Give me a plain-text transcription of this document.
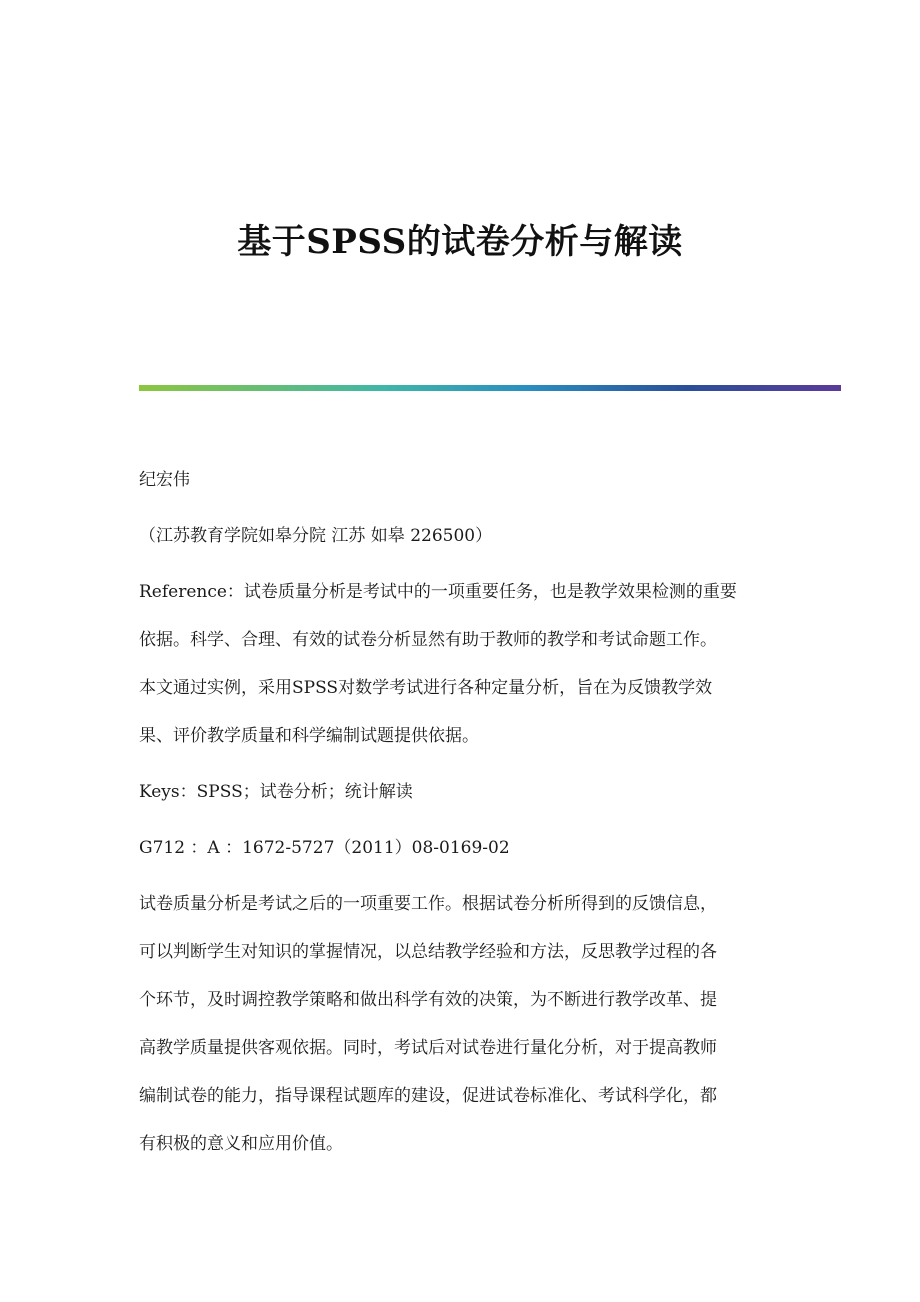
基于SPSS的试卷分析与解读

纪宏伟

（江苏教育学院如皋分院 江苏 如皋 226500）

Reference：试卷质量分析是考试中的一项重要任务，也是教学效果检测的重要

依据。科学、合理、有效的试卷分析显然有助于教师的教学和考试命题工作。

本文通过实例，采用SPSS对数学考试进行各种定量分析，旨在为反馈教学效

果、评价教学质量和科学编制试题提供依据。

Keys：SPSS；试卷分析；统计解读

G712 ：A ：1672-5727（2011）08-0169-02

试卷质量分析是考试之后的一项重要工作。根据试卷分析所得到的反馈信息，

可以判断学生对知识的掌握情况，以总结教学经验和方法，反思教学过程的各

个环节，及时调控教学策略和做出科学有效的决策，为不断进行教学改革、提

高教学质量提供客观依据。同时，考试后对试卷进行量化分析，对于提高教师

编制试卷的能力，指导课程试题库的建设，促进试卷标准化、考试科学化，都

有积极的意义和应用价值。
